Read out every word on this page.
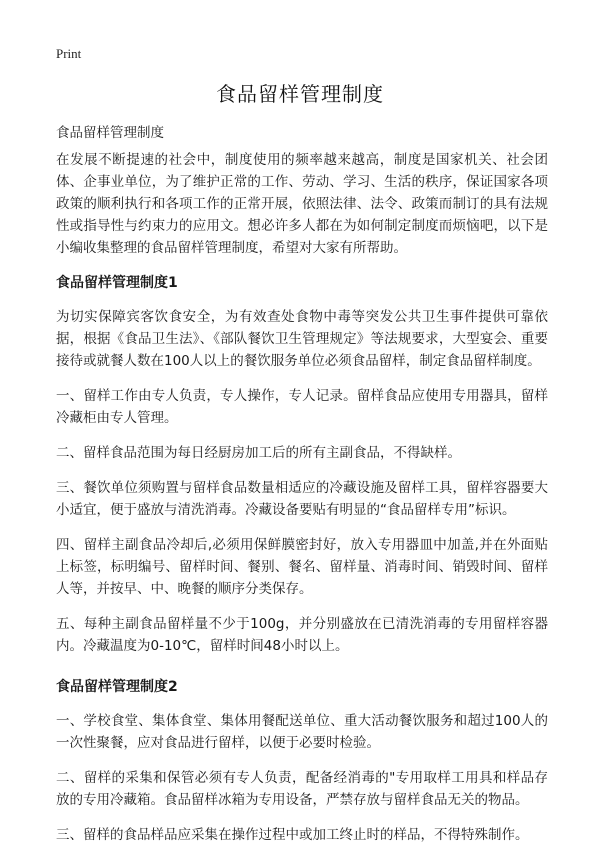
Print
食品留样管理制度

食品留样管理制度

在发展不断提速的社会中，制度使用的频率越来越高，制度是国家机关、社会团体、企事业单位，为了维护正常的工作、劳动、学习、生活的秩序，保证国家各项政策的顺利执行和各项工作的正常开展，依照法律、法令、政策而制订的具有法规性或指导性与约束力的应用文。想必许多人都在为如何制定制度而烦恼吧，以下是小编收集整理的食品留样管理制度，希望对大家有所帮助。

食品留样管理制度1

为切实保障宾客饮食安全，为有效查处食物中毒等突发公共卫生事件提供可靠依据，根据《食品卫生法》、《部队餐饮卫生管理规定》等法规要求，大型宴会、重要接待或就餐人数在100人以上的餐饮服务单位必须食品留样，制定食品留样制度。

一、留样工作由专人负责，专人操作，专人记录。留样食品应使用专用器具，留样冷藏柜由专人管理。

二、留样食品范围为每日经厨房加工后的所有主副食品，不得缺样。

三、餐饮单位须购置与留样食品数量相适应的冷藏设施及留样工具，留样容器要大小适宜，便于盛放与清洗消毒。冷藏设备要贴有明显的“食品留样专用”标识。

四、留样主副食品冷却后,必须用保鲜膜密封好，放入专用器皿中加盖,并在外面贴上标签，标明编号、留样时间、餐别、餐名、留样量、消毒时间、销毁时间、留样人等，并按早、中、晚餐的顺序分类保存。

五、每种主副食品留样量不少于100g，并分别盛放在已清洗消毒的专用留样容器内。冷藏温度为0-10℃，留样时间48小时以上。

食品留样管理制度2

一、学校食堂、集体食堂、集体用餐配送单位、重大活动餐饮服务和超过100人的一次性聚餐，应对食品进行留样，以便于必要时检验。

二、留样的采集和保管必须有专人负责，配备经消毒的"专用取样工用具和样品存放的专用冷藏箱。食品留样冰箱为专用设备，严禁存放与留样食品无关的物品。

三、留样的食品样品应采集在操作过程中或加工终止时的样品，不得特殊制作。
